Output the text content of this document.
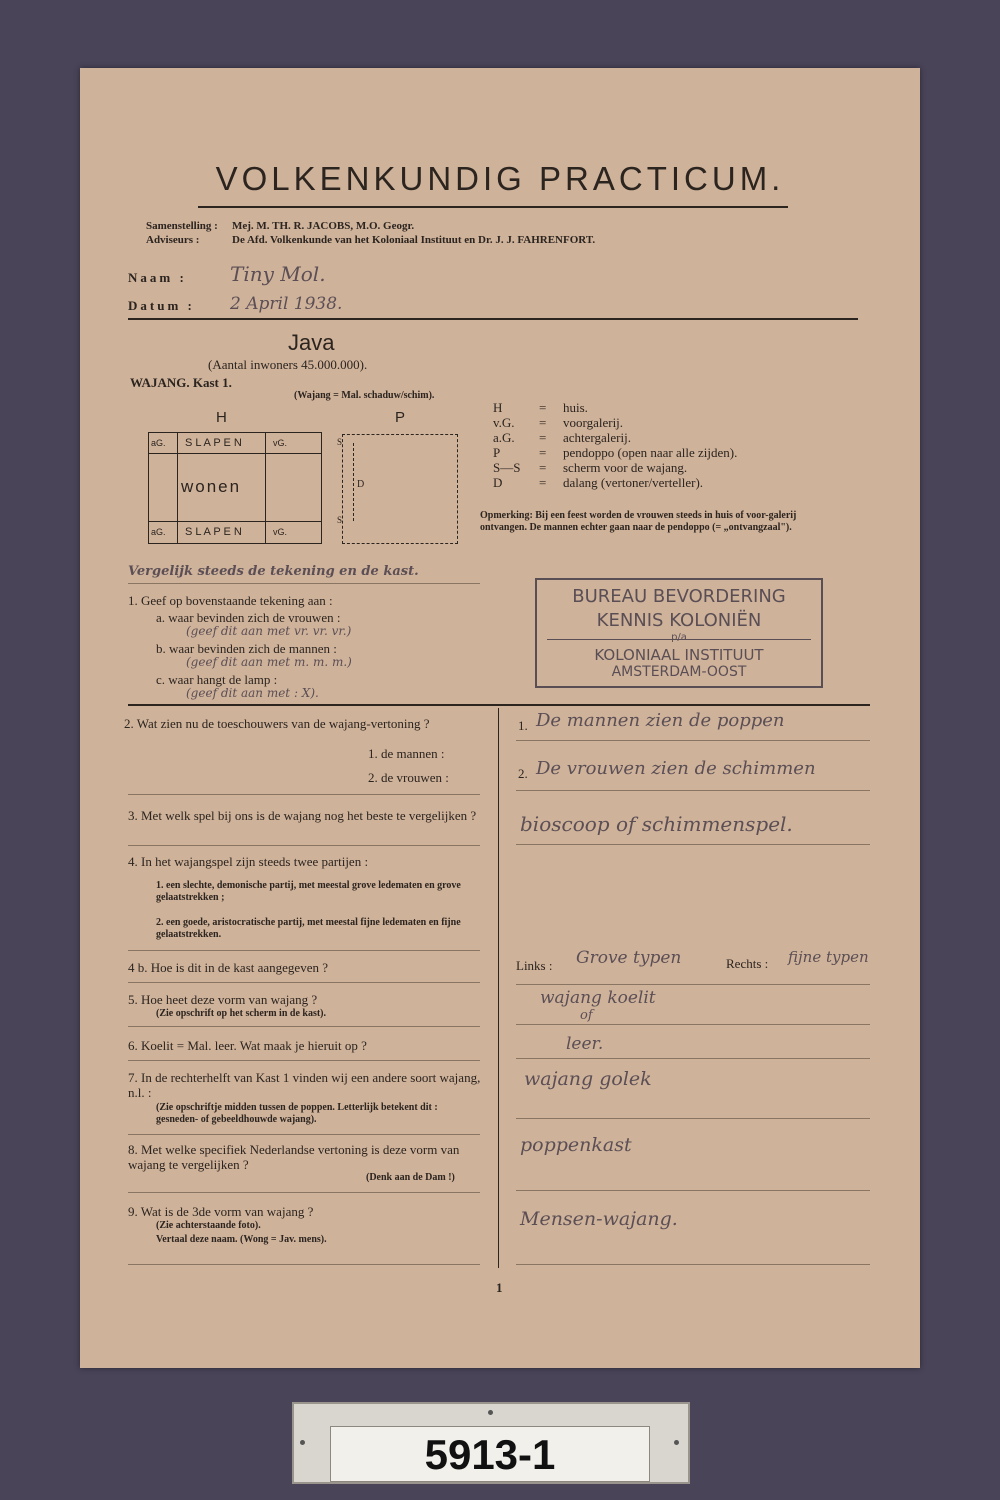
VOLKENKUNDIG PRACTICUM.
Samenstelling : Mej. M. TH. R. JACOBS, M.O. Geogr.
Adviseurs :	De Afd. Volkenkunde van het Koloniaal Instituut en Dr. J. J. FAHRENFORT.
Naam : Tiny Mol.
Datum : 2 April 1938.
Java
(Aantal inwoners 45.000.000).
WAJANG. Kast 1.
(Wajang = Mal. schaduw/schim).
H	P
aG. S L A P E N	vG.
wonen
aG. S L A P E N	vG.
S
S
D
H	= huis.
v.G. = voorgalerij.
a.G. = achtergalerij.
P	= pendoppo (open naar alle zijden).
S—S = scherm voor de wajang.
D	= dalang (vertoner/verteller).
Opmerking: Bij een feest worden de vrouwen steeds in huis of voor-galerij ontvangen. De mannen echter gaan naar de pendoppo (= „ontvangzaal").
Vergelijk steeds de tekening en de kast.
BUREAU BEVORDERING
KENNIS KOLONIËN
p/a
KOLONIAAL INSTITUUT
AMSTERDAM-OOST
1. Geef op bovenstaande tekening aan :
a. waar bevinden zich de vrouwen :
(geef dit aan met vr. vr. vr.)
b. waar bevinden zich de mannen :
(geef dit aan met m. m. m.)
c. waar hangt de lamp :
(geef dit aan met : X).
2. Wat zien nu de toeschouwers van de wajang-vertoning ?
1. de mannen :
2. de vrouwen :
3. Met welk spel bij ons is de wajang nog het beste te vergelijken ?
4. In het wajangspel zijn steeds twee partijen :
1. een slechte, demonische partij, met meestal grove ledematen en grove gelaatstrekken ;
2. een goede, aristocratische partij, met meestal fijne ledematen en fijne gelaatstrekken.
4 b. Hoe is dit in de kast aangegeven ?
5. Hoe heet deze vorm van wajang ?
(Zie opschrift op het scherm in de kast).
6. Koelit = Mal. leer. Wat maak je hieruit op ?
7. In de rechterhelft van Kast 1 vinden wij een andere soort wajang, n.l. :
(Zie opschriftje midden tussen de poppen. Letterlijk betekent dit : gesneden- of gebeeldhouwde wajang).
8. Met welke specifiek Nederlandse vertoning is deze vorm van wajang te vergelijken ?
(Denk aan de Dam !)
9. Wat is de 3de vorm van wajang ?
(Zie achterstaande foto).
Vertaal deze naam. (Wong = Jav. mens).
1. De mannen zien de poppen
2. De vrouwen zien de schimmen
bioscoop of schimmenspel.
Links : Grove typen	Rechts : fijne typen
wajang koelit
of
leer.
wajang golek
poppenkast
Mensen-wajang.
1
5913-1
